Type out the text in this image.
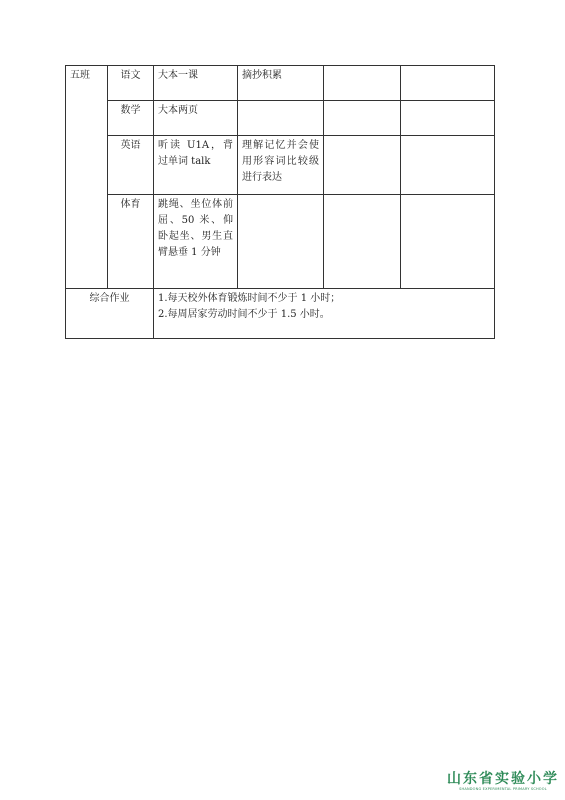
五班	语文	大本一课	摘抄积累		
	数学	大本两页			
	英语	听读 U1A，背过单词 talk	理解记忆并会使用形容词比较级进行表达		
	体育	跳绳、坐位体前屈、50 米、仰卧起坐、男生直臂悬垂 1 分钟			
综合作业		1.每天校外体育锻炼时间不少于 1 小时；
2.每周居家劳动时间不少于 1.5 小时。			
山东省实验小学
SHANDONG EXPERIMENTAL PRIMARY SCHOOL
